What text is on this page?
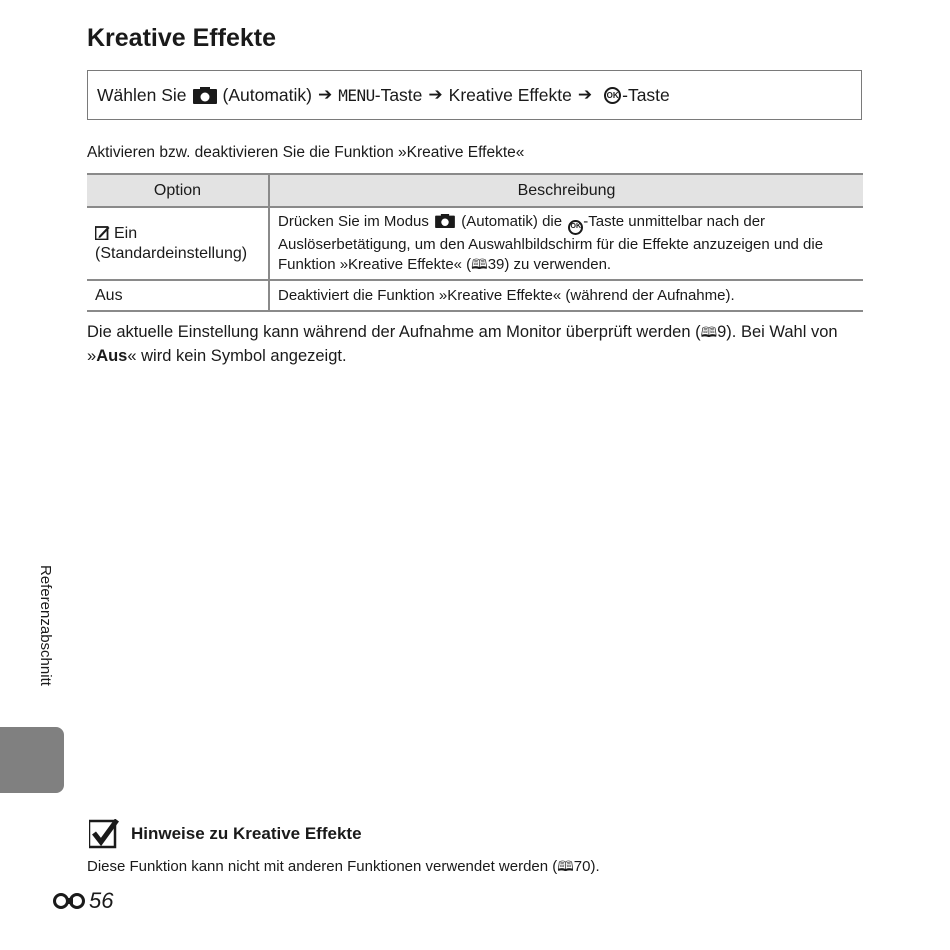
Kreative Effekte
Wählen Sie (Automatik) ➔ MENU -Taste ➔ Kreative Effekte ➔	OK -Taste

Aktivieren bzw. deaktivieren Sie die Funktion »Kreative Effekte«

Option	Beschreibung
Ein
(Standardeinstellung)	Drücken Sie im Modus (Automatik) die OK -Taste unmittelbar nach der Auslöserbetätigung, um den Auswahlbildschirm für die Effekte anzuzeigen und die Funktion »Kreative Effekte« (🕮39) zu verwenden.
Aus	Deaktiviert die Funktion »Kreative Effekte« (während der Aufnahme).

Die aktuelle Einstellung kann während der Aufnahme am Monitor überprüft werden (🕮9). Bei Wahl von »Aus« wird kein Symbol angezeigt.

Referenzabschnitt
Hinweise zu Kreative Effekte

Diese Funktion kann nicht mit anderen Funktionen verwendet werden (🕮70).

56
